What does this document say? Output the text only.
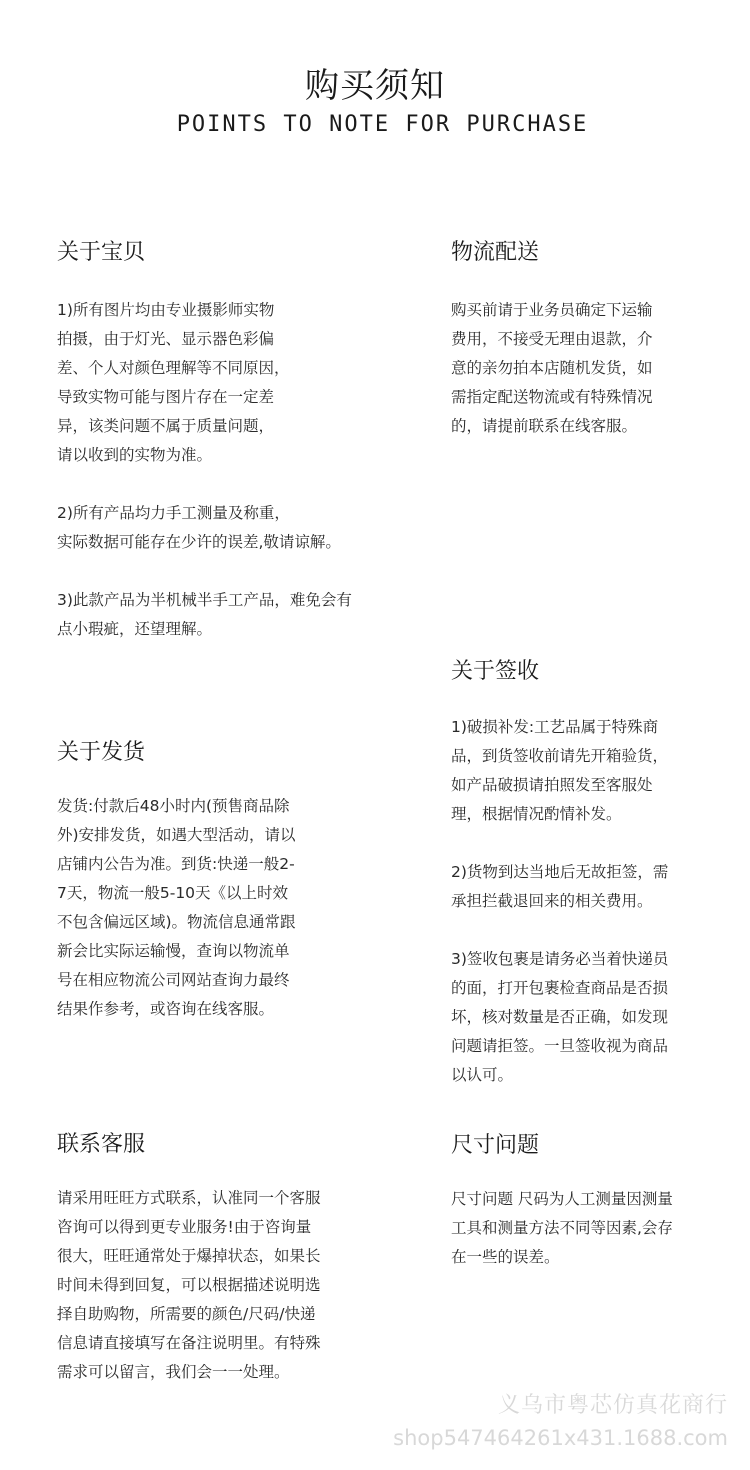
购买须知
POINTS TO NOTE FOR PURCHASE
关于宝贝
1)所有图片均由专业摄影师实物
拍摄，由于灯光、显示器色彩偏
差、个人对颜色理解等不同原因，
导致实物可能与图片存在一定差
异，该类问题不属于质量问题，
请以收到的实物为准。
2)所有产品均力手工测量及称重，
实际数据可能存在少许的误差,敬请谅解。
3)此款产品为半机械半手工产品，难免会有
点小瑕疵，还望理解。
物流配送
购买前请于业务员确定下运输
费用，不接受无理由退款，介
意的亲勿拍本店随机发货，如
需指定配送物流或有特殊情况
的，请提前联系在线客服。
关于签收
1)破损补发:工艺品属于特殊商
品，到货签收前请先开箱验货，
如产品破损请拍照发至客服处
理，根据情况酌情补发。
2)货物到达当地后无故拒签，需
承担拦截退回来的相关费用。
3)签收包裹是请务必当着快递员
的面，打开包裹检查商品是否损
坏，核对数量是否正确，如发现
问题请拒签。一旦签收视为商品
以认可。
关于发货
发货:付款后48小时内(预售商品除
外)安排发货，如遇大型活动，请以
店铺内公告为准。到货:快递一般2-
7天，物流一般5-10天《以上时效
不包含偏远区域)。物流信息通常跟
新会比实际运输慢，查询以物流单
号在相应物流公司网站查询力最终
结果作参考，或咨询在线客服。
联系客服
请采用旺旺方式联系，认准同一个客服
咨询可以得到更专业服务!由于咨询量
很大，旺旺通常处于爆掉状态，如果长
时间未得到回复，可以根据描述说明选
择自助购物，所需要的颜色/尺码/快递
信息请直接填写在备注说明里。有特殊
需求可以留言，我们会一一处理。
尺寸问题
尺寸问题 尺码为人工测量因测量
工具和测量方法不同等因素,会存
在一些的误差。
义乌市粤芯仿真花商行
shop547464261x431.1688.com
